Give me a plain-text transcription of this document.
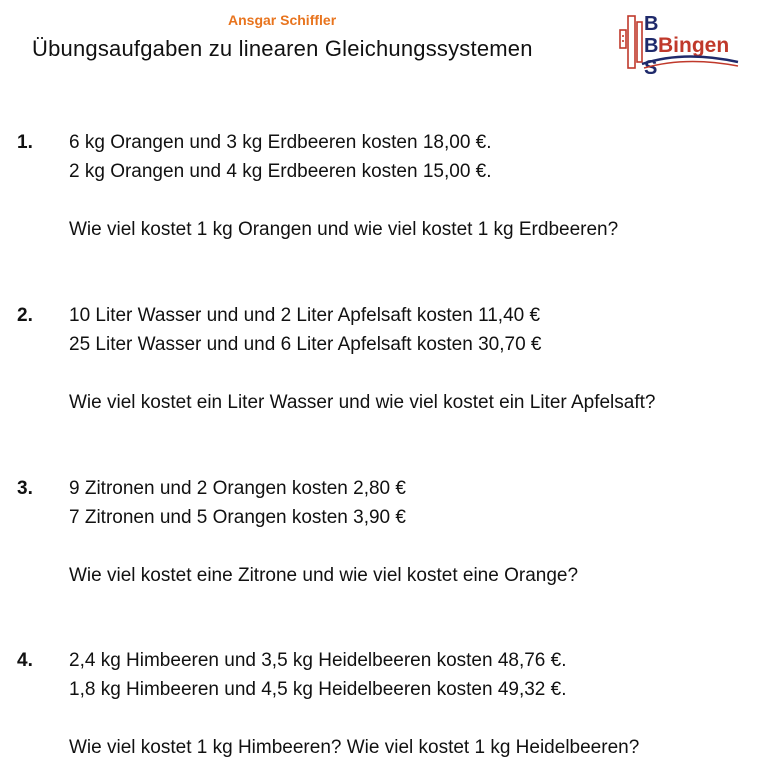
Ansgar Schiffler
Übungsaufgaben zu linearen Gleichungssystemen
B
B
S
Bingen
1. 6 kg Orangen und 3 kg Erdbeeren kosten 18,00 €.
2 kg Orangen und 4 kg Erdbeeren kosten 15,00 €.
Wie viel kostet 1 kg Orangen und wie viel kostet 1 kg Erdbeeren?
2. 10 Liter Wasser und und 2 Liter Apfelsaft kosten 11,40 €
25 Liter Wasser und und 6 Liter Apfelsaft kosten 30,70 €
Wie viel kostet ein Liter Wasser und wie viel kostet ein Liter Apfelsaft?
3. 9 Zitronen und 2 Orangen kosten 2,80 €
7 Zitronen und 5 Orangen kosten 3,90 €
Wie viel kostet eine Zitrone und wie viel kostet eine Orange?
4. 2,4 kg Himbeeren und 3,5 kg Heidelbeeren kosten 48,76 €.
1,8 kg Himbeeren und 4,5 kg Heidelbeeren kosten 49,32 €.
Wie viel kostet 1 kg Himbeeren? Wie viel kostet 1 kg Heidelbeeren?
